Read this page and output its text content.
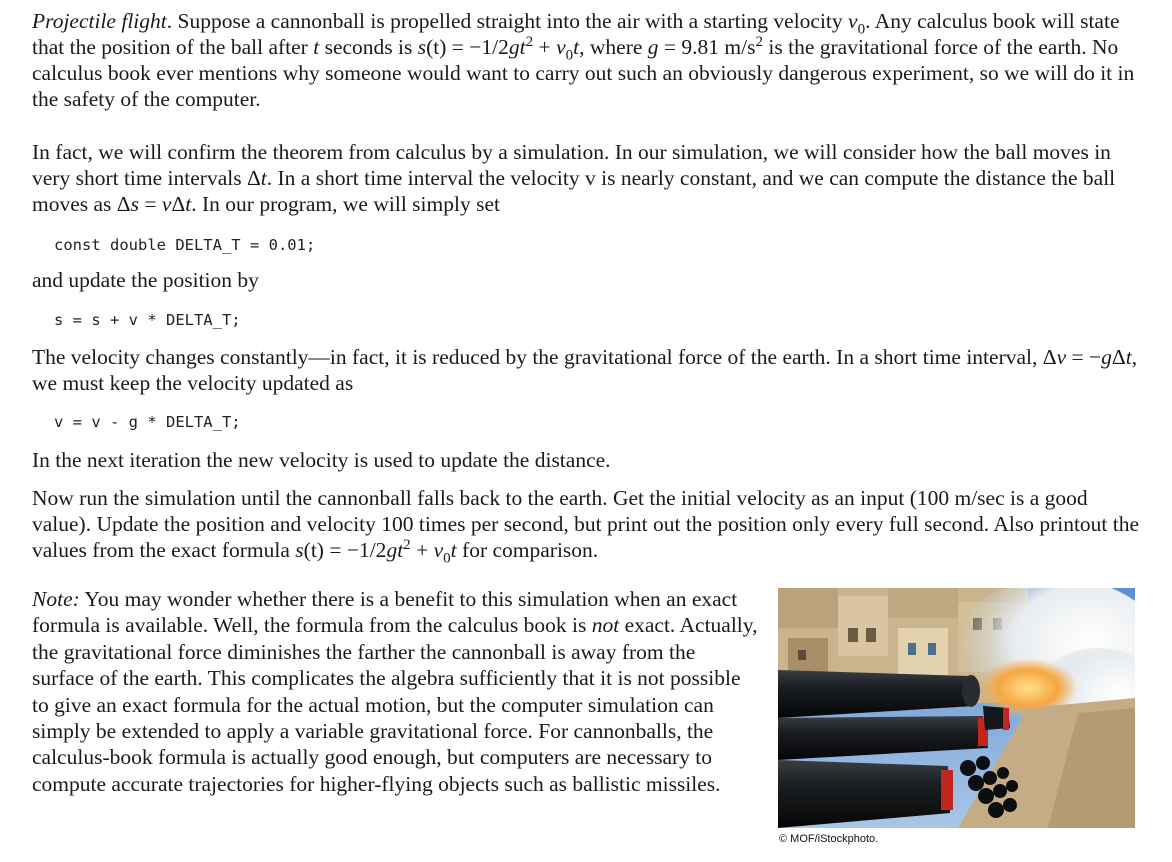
Projectile flight. Suppose a cannonball is propelled straight into the air with a starting velocity $v_0$. Any calculus book will state that the position of the ball after t seconds is $s(t) = -1/2gt^2 + v_0t$, where g = 9.81 $m/s^2$ is the gravitational force of the earth. No calculus book ever mentions why someone would want to carry out such an obviously dangerous experiment, so we will do it in the safety of the computer.

In fact, we will confirm the theorem from calculus by a simulation. In our simulation, we will consider how the ball moves in very short time intervals Δt. In a short time interval the velocity v is nearly constant, and we can compute the distance the ball moves as Δs = vΔt. In our program, we will simply set

const double DELTA_T = 0.01;

and update the position by

s = s + v * DELTA_T;

The velocity changes constantly—in fact, it is reduced by the gravitational force of the earth. In a short time interval, Δv = −gΔt, we must keep the velocity updated as

v = v - g * DELTA_T;

In the next iteration the new velocity is used to update the distance.

Now run the simulation until the cannonball falls back to the earth. Get the initial velocity as an input (100 m/sec is a good value). Update the position and velocity 100 times per second, but print out the position only every full second. Also printout the values from the exact formula $s(t) = -1/2gt^2 + v_0t$ for comparison.

Note: You may wonder whether there is a benefit to this simulation when an exact formula is available. Well, the formula from the calculus book is not exact. Actually, the gravitational force diminishes the farther the cannonball is away from the surface of the earth. This complicates the algebra sufficiently that it is not possible to give an exact formula for the actual motion, but the computer simulation can simply be extended to apply a variable gravitational force. For cannonballs, the calculus-book formula is actually good enough, but computers are necessary to compute accurate trajectories for higher-flying objects such as ballistic missiles.

© MOF/iStockphoto.
